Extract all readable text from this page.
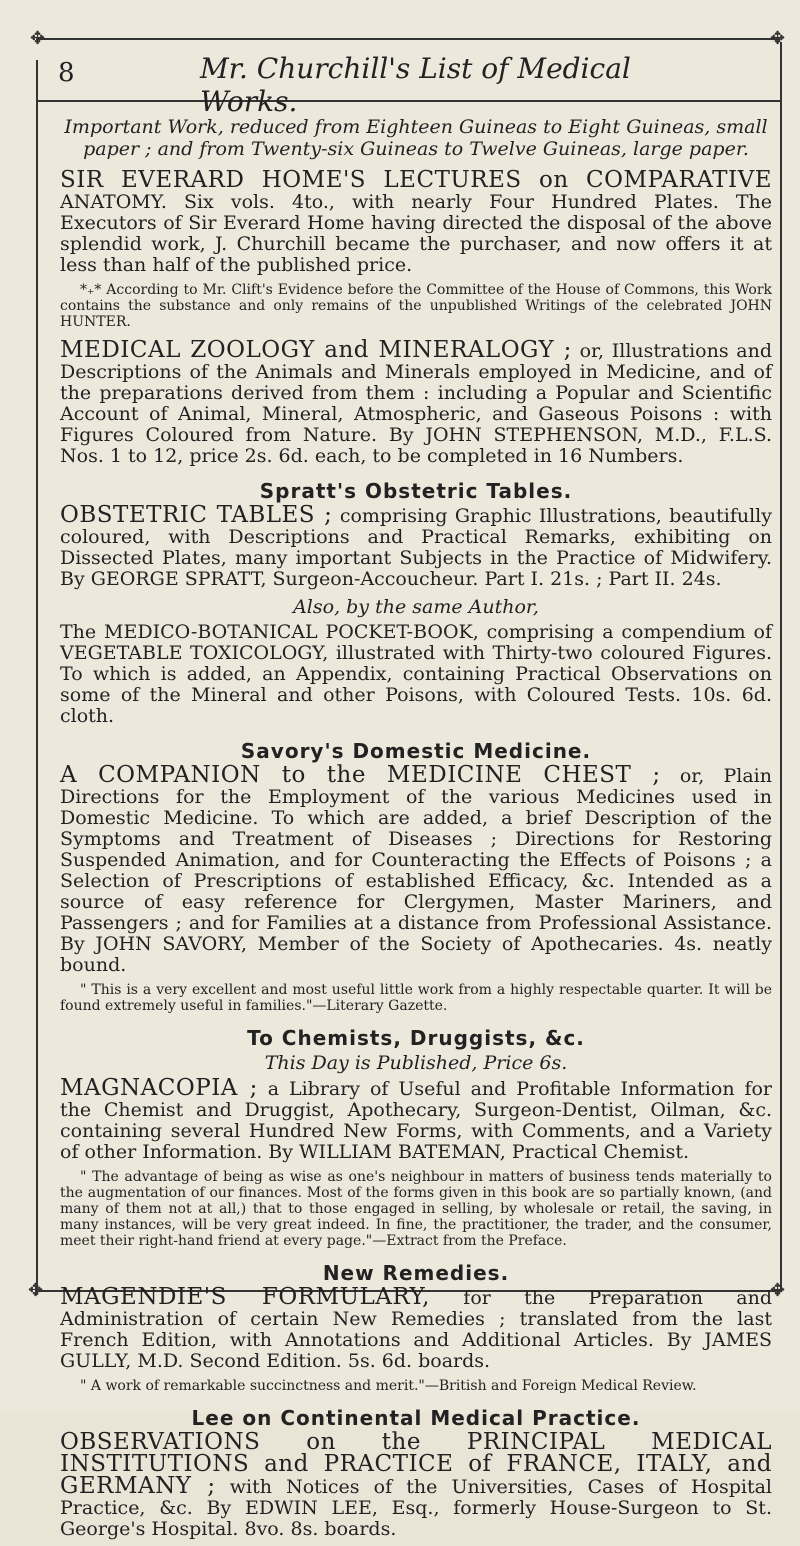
✥	✥
✥	✥
8	Mr. Churchill's List of Medical Works.

Important Work, reduced from Eighteen Guineas to Eight Guineas, small paper ; and from Twenty-six Guineas to Twelve Guineas, large paper.

SIR EVERARD HOME'S LECTURES on COMPARATIVE ANATOMY. Six vols. 4to., with nearly Four Hundred Plates. The Executors of Sir Everard Home having directed the disposal of the above splendid work, J. Churchill became the purchaser, and now offers it at less than half of the published price.

*₊* According to Mr. Clift's Evidence before the Committee of the House of Commons, this Work contains the substance and only remains of the unpublished Writings of the celebrated JOHN HUNTER.

MEDICAL ZOOLOGY and MINERALOGY ; or, Illustrations and Descriptions of the Animals and Minerals employed in Medicine, and of the preparations derived from them : including a Popular and Scientific Account of Animal, Mineral, Atmospheric, and Gaseous Poisons : with Figures Coloured from Nature. By JOHN STEPHENSON, M.D., F.L.S. Nos. 1 to 12, price 2s. 6d. each, to be completed in 16 Numbers.

Spratt's Obstetric Tables.

OBSTETRIC TABLES ; comprising Graphic Illustrations, beautifully coloured, with Descriptions and Practical Remarks, exhibiting on Dissected Plates, many important Subjects in the Practice of Midwifery. By GEORGE SPRATT, Surgeon-Accoucheur. Part I. 21s. ; Part II. 24s.

Also, by the same Author,

The MEDICO-BOTANICAL POCKET-BOOK, comprising a compendium of VEGETABLE TOXICOLOGY, illustrated with Thirty-two coloured Figures. To which is added, an Appendix, containing Practical Observations on some of the Mineral and other Poisons, with Coloured Tests. 10s. 6d. cloth.

Savory's Domestic Medicine.

A COMPANION to the MEDICINE CHEST ; or, Plain Directions for the Employment of the various Medicines used in Domestic Medicine. To which are added, a brief Description of the Symptoms and Treatment of Diseases ; Directions for Restoring Suspended Animation, and for Counteracting the Effects of Poisons ; a Selection of Prescriptions of established Efficacy, &c. Intended as a source of easy reference for Clergymen, Master Mariners, and Passengers ; and for Families at a distance from Professional Assistance. By JOHN SAVORY, Member of the Society of Apothecaries. 4s. neatly bound.

" This is a very excellent and most useful little work from a highly respectable quarter. It will be found extremely useful in families."—Literary Gazette.

To Chemists, Druggists, &c.
This Day is Published, Price 6s.

MAGNACOPIA ; a Library of Useful and Profitable Information for the Chemist and Druggist, Apothecary, Surgeon-Dentist, Oilman, &c. containing several Hundred New Forms, with Comments, and a Variety of other Information. By WILLIAM BATEMAN, Practical Chemist.

" The advantage of being as wise as one's neighbour in matters of business tends materially to the augmentation of our finances. Most of the forms given in this book are so partially known, (and many of them not at all,) that to those engaged in selling, by wholesale or retail, the saving, in many instances, will be very great indeed. In fine, the practitioner, the trader, and the consumer, meet their right-hand friend at every page."—Extract from the Preface.

New Remedies.

MAGENDIE'S FORMULARY, for the Preparation and Administration of certain New Remedies ; translated from the last French Edition, with Annotations and Additional Articles. By JAMES GULLY, M.D. Second Edition. 5s. 6d. boards.

" A work of remarkable succinctness and merit."—British and Foreign Medical Review.

Lee on Continental Medical Practice.

OBSERVATIONS on the PRINCIPAL MEDICAL INSTITUTIONS and PRACTICE of FRANCE, ITALY, and GERMANY ; with Notices of the Universities, Cases of Hospital Practice, &c. By EDWIN LEE, Esq., formerly House-Surgeon to St. George's Hospital. 8vo. 8s. boards.
